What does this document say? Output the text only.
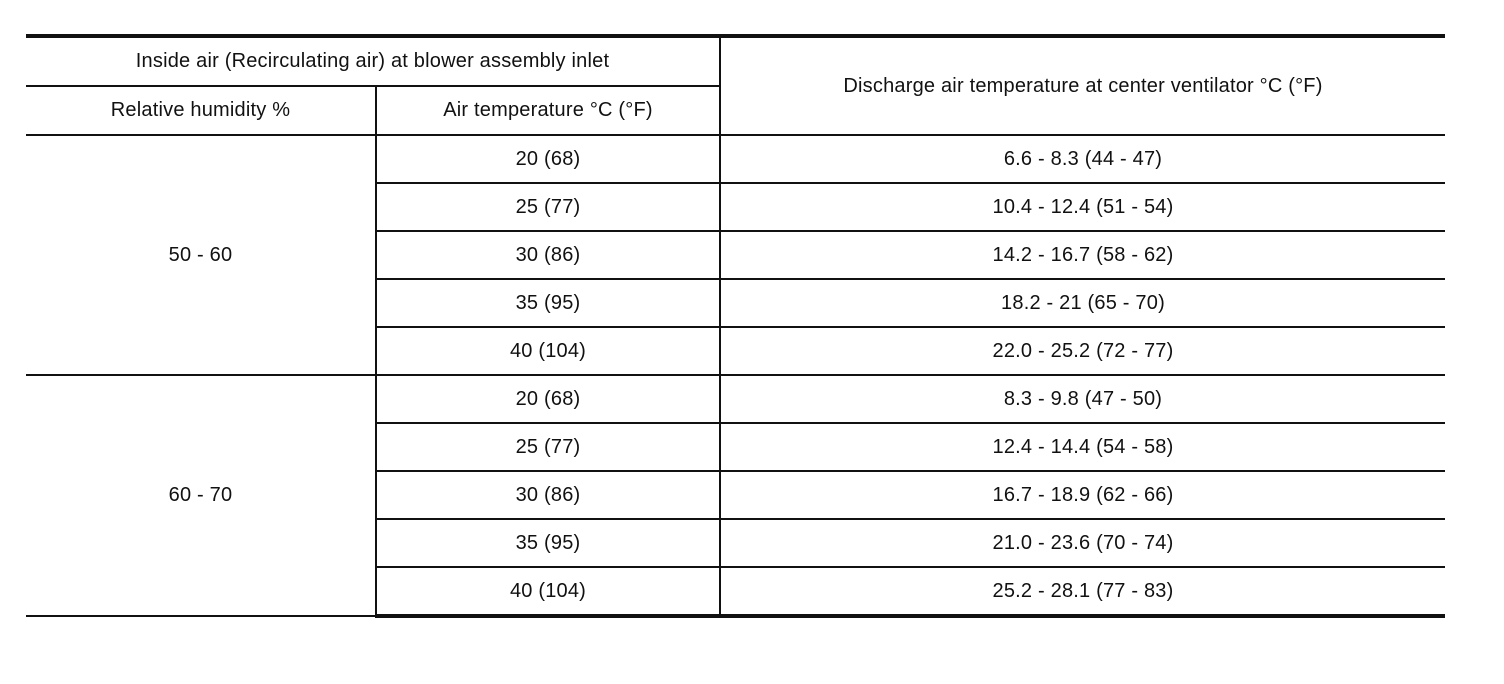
Inside air (Recirculating air) at blower assembly inlet		Discharge air temperature at center ventilator °C (°F)
Relative humidity %	Air temperature °C (°F)	
50 - 60	20 (68)	6.6 - 8.3 (44 - 47)
	25 (77)	10.4 - 12.4 (51 - 54)
	30 (86)	14.2 - 16.7 (58 - 62)
	35 (95)	18.2 - 21 (65 - 70)
	40 (104)	22.0 - 25.2 (72 - 77)
60 - 70	20 (68)	8.3 - 9.8 (47 - 50)
	25 (77)	12.4 - 14.4 (54 - 58)
	30 (86)	16.7 - 18.9 (62 - 66)
	35 (95)	21.0 - 23.6 (70 - 74)
	40 (104)	25.2 - 28.1 (77 - 83)
